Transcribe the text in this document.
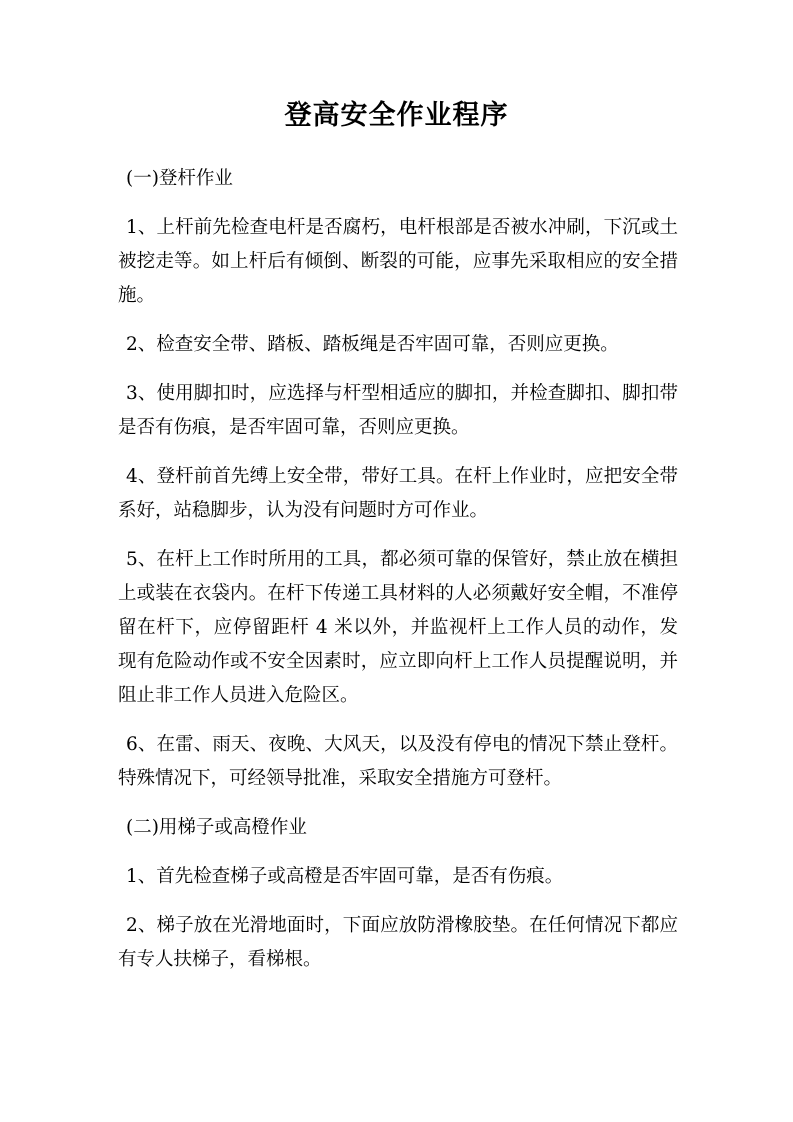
登高安全作业程序
(一)登杆作业

1、上杆前先检查电杆是否腐朽，电杆根部是否被水冲刷，下沉或土被挖走等。如上杆后有倾倒、断裂的可能，应事先采取相应的安全措施。

2、检查安全带、踏板、踏板绳是否牢固可靠，否则应更换。

3、使用脚扣时，应选择与杆型相适应的脚扣，并检查脚扣、脚扣带是否有伤痕，是否牢固可靠，否则应更换。

4、登杆前首先缚上安全带，带好工具。在杆上作业时，应把安全带系好，站稳脚步，认为没有问题时方可作业。

5、在杆上工作时所用的工具，都必须可靠的保管好，禁止放在横担上或装在衣袋内。在杆下传递工具材料的人必须戴好安全帽，不准停留在杆下，应停留距杆 4 米以外，并监视杆上工作人员的动作，发现有危险动作或不安全因素时，应立即向杆上工作人员提醒说明，并阻止非工作人员进入危险区。

6、在雷、雨天、夜晚、大风天，以及没有停电的情况下禁止登杆。特殊情况下，可经领导批准，采取安全措施方可登杆。

(二)用梯子或高橙作业

1、首先检查梯子或高橙是否牢固可靠，是否有伤痕。

2、梯子放在光滑地面时，下面应放防滑橡胶垫。在任何情况下都应有专人扶梯子，看梯根。
